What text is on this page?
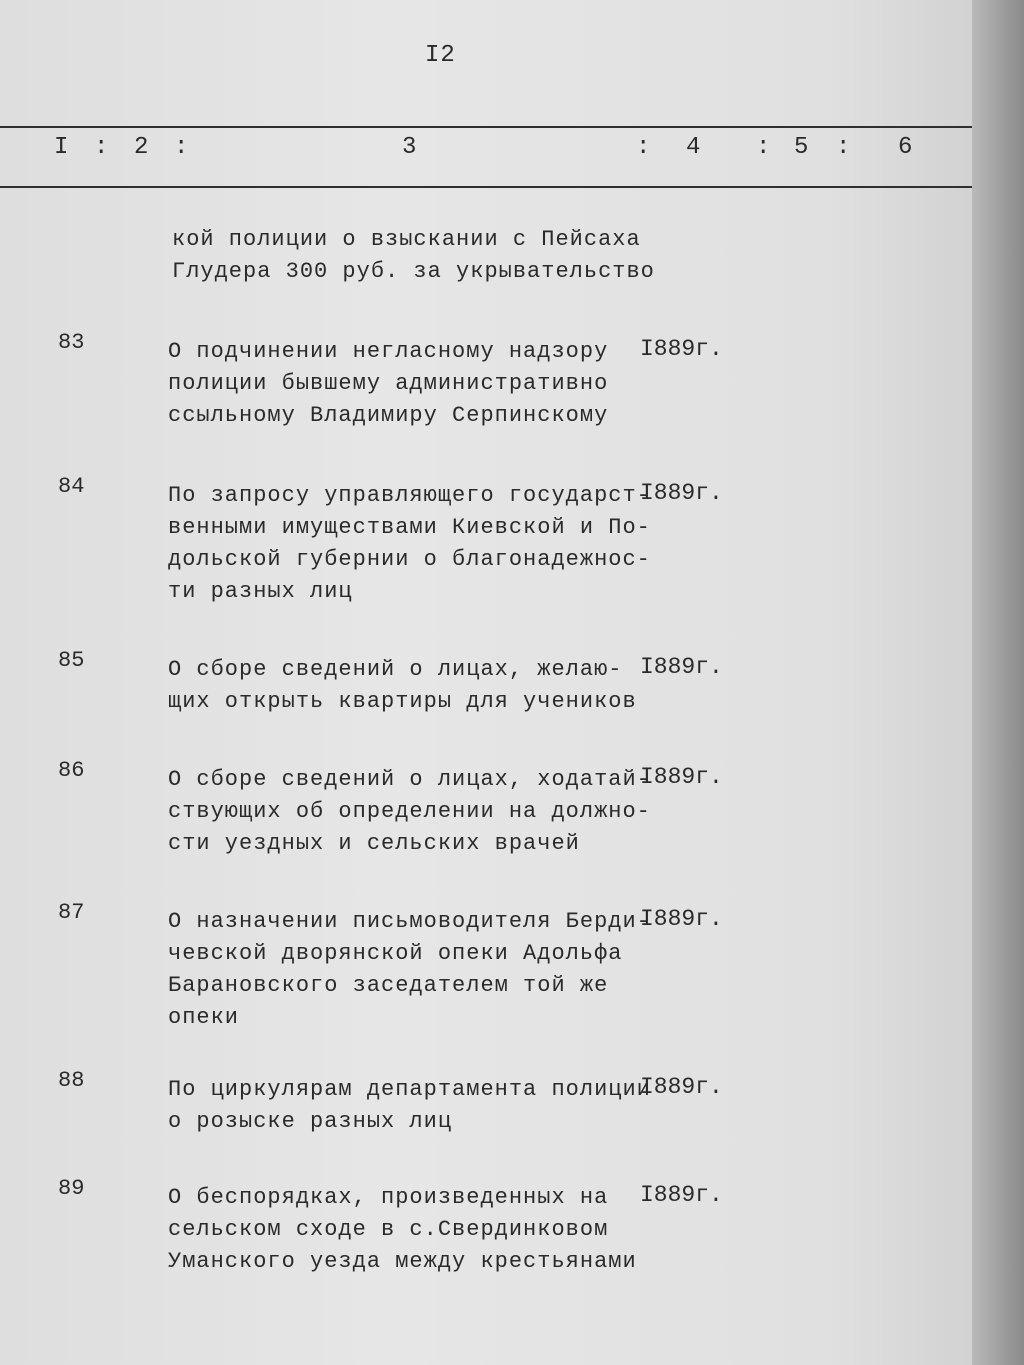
I2
I : 2 :	3	: 4 : 5 : 6
кой полиции о взыскании с Пейсаха
Глудера 300 руб. за укрывательство
83	О подчинении негласному надзору
полиции бывшему административно
ссыльному Владимиру Серпинскому
I889г.
84	По запросу управляющего государст-
венными имуществами Киевской и По-
дольской губернии о благонадежнос-
ти разных лиц
I889г.
85	О сборе сведений о лицах, желаю-
щих открыть квартиры для учеников
I889г.
86	О сборе сведений о лицах, ходатай-
ствующих об определении на должно-
сти уездных и сельских врачей
I889г.
87	О назначении письмоводителя Берди-
чевской дворянской опеки Адольфа
Барановского заседателем той же
опеки
I889г.
88	По циркулярам департамента полиции
о розыске разных лиц
I889г.
89	О беспорядках, произведенных на
сельском сходе в с.Свердинковом
Уманского уезда между крестьянами
I889г.
